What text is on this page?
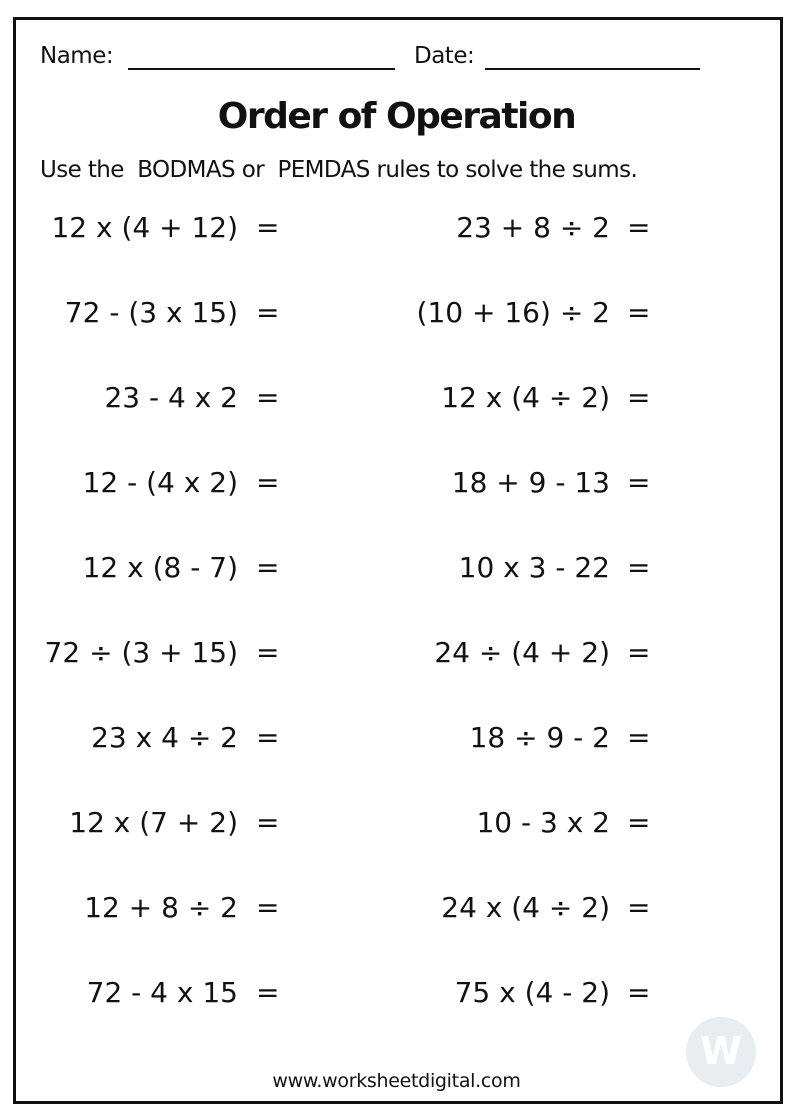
Name:	Date:
Order of Operation
Use the  BODMAS or  PEMDAS rules to solve the sums.
12 x (4 + 12) =	23 + 8 ÷ 2 =
72 - (3 x 15) =	(10 + 16) ÷ 2 =
23 - 4 x 2 =	12 x (4 ÷ 2) =
12 - (4 x 2) =	18 + 9 - 13 =
12 x (8 - 7) =	10 x 3 - 22 =
72 ÷ (3 + 15) =	24 ÷ (4 + 2) =
23 x 4 ÷ 2 =	18 ÷ 9 - 2 =
12 x (7 + 2) =	10 - 3 x 2 =
12 + 8 ÷ 2 =	24 x (4 ÷ 2) =
72 - 4 x 15 =	75 x (4 - 2) =
W
www.worksheetdigital.com
